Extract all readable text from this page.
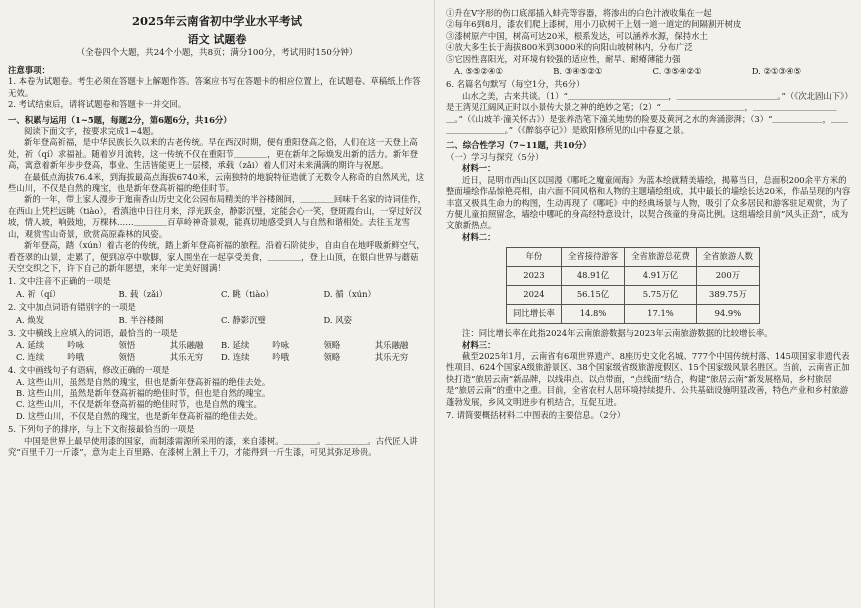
2025年云南省初中学业水平考试
语文 试题卷
（全卷四个大题，共24个小题，共8页；满分100分，考试用时150分钟）

注意事项：

1. 本卷为试题卷。考生必须在答题卡上解题作答。答案应书写在答题卡的相应位置上，在试题卷、草稿纸上作答无效。

2. 考试结束后，请将试题卷和答题卡一并交回。

一、积累与运用（1~5题，每题2分，第6题6分，共16分）

阅读下面文字，按要求完成1~4题。

新年登高祈福，是中华民族长久以来的古老传统。早在西汉时期，便有重阳登高之俗，人们在这一天登上高处，祈（qí）求福祉。随着岁月流转，这一传统不仅在重阳节＿＿＿＿，更在新年之际焕发出新的活力。新年登高，寓意着新年步步登高，事业、生活皆能更上一层楼，承载（zǎi）着人们对未来满满的期许与祝愿。

在最低点海拔76.4米，到海拔最高点海拔6740米，云南独特的地貌特征造就了无数令人称奇的自然风光，这些山川，不仅是自然的瑰宝，也是新年登高祈福的绝佳时节。

新的一年，带上家人漫步于迤南香山历史文化公园布局精美的半谷楼阁间，＿＿＿＿回味千名家的诗词佳作，在西山上凭栏远眺（tiào），看滇池中日往月来，浮光跃金，静影沉璧，定能会心一笑，登斑霞台山，一穿过好汉坡，情人坡，响鼓地，万棵林……＿＿＿＿百草岭神奇景观，能真切地感受到人与自然和谐相处。去往玉龙雪山，观赏雪山奇景，欣赏高原森林的风姿。

新年登高，踏（xún）着古老的传统，踏上新年登高祈福的旅程。沿着石阶徒步，自由自在地呼吸新鲜空气，看苍翠的山景，走累了，便到凉亭中歇脚，家人围坐在一起享受美食，＿＿＿＿，登上山顶，在银白世界与蘑菇天空交织之下，许下自己的新年愿望，来年一定美好圆满！

1. 文中注音不正确的一项是

A. 祈（qí）	B. 载（zǎi）	C. 眺（tiào）	D. 循（xún）

2. 文中加点词语有错别字的一项是

A. 焕发	B. 半谷楼阁	C. 静影沉璧	D. 风姿

3. 文中横线上应填入的词语，最恰当的一项是

A. 延续	吟咏	领悟	其乐融融	B. 延续	吟咏	领略	其乐融融
C. 连续	吟哦	领悟	其乐无穷	D. 连续	吟哦	领略	其乐无穷

4. 文中画线句子有语病，修改正确的一项是

A. 这些山川，虽然是自然的瑰宝，但也是新年登高祈福的绝佳去处。

B. 这些山川，虽然是新年登高祈福的绝佳时节，但也是自然的瑰宝。

C. 这些山川，不仅是新年登高祈福的绝佳时节，也是自然的瑰宝。

D. 这些山川，不仅是自然的瑰宝，也是新年登高祈福的绝佳去处。

5. 下列句子的排序，与上下文衔接最恰当的一项是

中国是世界上最早使用漆的国家，而制漆需源所采用的漆，来自漆树。＿＿＿＿。＿＿＿＿＿。古代匠人讲究“百里千刀一斤漆”，意为走上百里路、在漆树上割上千刀，才能得到一斤生漆，可见其弥足珍贵。

①升在V字形的伤口底部插入蚌壳等容器，将渗出的白色汁液收集在一起

②每年6到8月，漆农们爬上漆树，用小刀砍树干上划一道一道定的间隔割开树皮

③漆树原产中国，树高可达20米，根系发达，可以涵养水源，保持水土

④放大多生长于海拔800米到3000米的向阳山坡树林内，分布广泛

⑤它因性喜阳光，对环境有较强的适应性，耐旱、耐瘠薄能力强

A. ⑤⑤②④①	B. ③④⑤②①	C. ③⑤④②①	D. ②①③④⑤

6. 名篇名句默写（每空1分，共6分）

山水之美，古来共谈。（1）“＿＿＿＿＿＿＿＿＿＿＿＿，＿＿＿＿＿＿＿＿＿＿＿＿。”（《次北固山下》）是王湾见江阔风正时以小景传大景之神的绝妙之笔；（2）“＿＿＿＿＿＿＿＿＿＿，＿＿＿＿＿＿＿＿＿＿＿。”（《山坡羊·潼关怀古》）是张养浩笔下潼关地势的险要及黄河之水的奔涌澎湃；（3）“＿＿＿＿＿＿，＿＿＿＿＿＿＿＿＿。”（《醉翁亭记》）是欧阳修所见的山中春夏之景。

二、综合性学习（7~11题，共10分）

（一）学习与探究（5分）

材料一：

近日，昆明市西山区以国漫《哪吒之魔童闹海》为蓝本绘就精美墙绘，揭幕当日，总面积200余平方米的整面墙绘作品惊艳亮相，由六面不同风格和人物的主题墙绘组成，其中最长的墙绘长达20米，作品呈现的内容丰富又极具生命力的构图，生动再现了《哪吒》中的经典场景与人物，吸引了众多居民和游客驻足观赏，为了方便儿童拍照留念，墙绘中哪吒的身高经特意设计，以契合孩童的身高比例。这组墙绘目前“风头正劲”，成为文旅新热点。

材料二：

年份	全省接待游客	全省旅游总花费	全省旅游人数
2023	48.91亿	4.91万亿	200万
2024	56.15亿	5.75万亿	389.75万
同比增长率	14.8%	17.1%	94.9%

注：同比增长率在此指2024年云南旅游数据与2023年云南旅游数据的比较增长率。

材料三：

截至2025年1月，云南省有6项世界遗产、8座历史文化名城、777个中国传统村落、145项国家非遗代表性项目、624个国家A级旅游景区、38个国家级省级旅游度假区、15个国家级风景名胜区。当前，云南省正加快打造“旅居云南”新品牌，以线串点、以点带面，“点线面”结合，构建“旅居云南”新发展格局，乡村旅居是“旅居云南”的重中之重。目前，全省农村人居环境持续提升、公共基础设施明显改善，特色产业和乡村旅游蓬勃发展，乡风文明进步有机结合，互促互进。

7. 请简要概括材料二中图表的主要信息。（2分）
